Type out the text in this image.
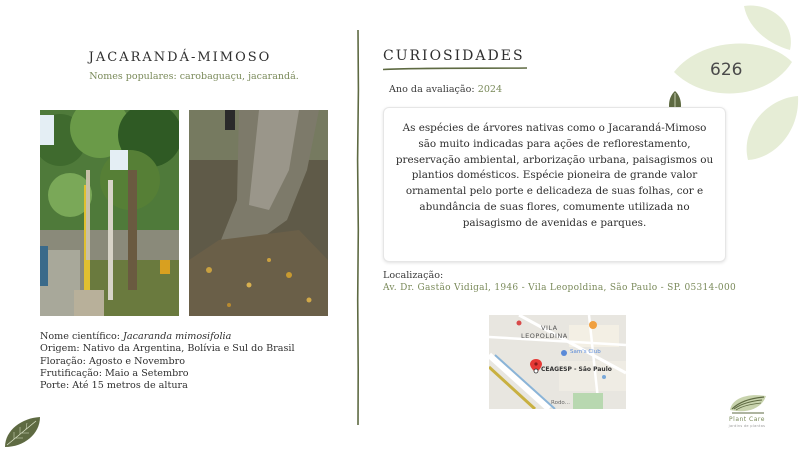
626
JACARANDÁ-MIMOSO
Nomes populares: carobaguaçu, jacarandá.
Nome científico: Jacaranda mimosifolia
Origem: Nativo da Argentina, Bolívia e Sul do Brasil
Floração: Agosto e Novembro
Frutificação: Maio a Setembro
Porte: Até 15 metros de altura
CURIOSIDADES
Ano da avaliação: 2024
As espécies de árvores nativas como o Jacarandá-Mimoso são muito indicadas para ações de reflorestamento, preservação ambiental, arborização urbana, paisagismos ou plantios domésticos. Espécie pioneira de grande valor ornamental pelo porte e delicadeza de suas folhas, cor e abundância de suas flores, comumente utilizada no paisagismo de avenidas e parques.
Localização:
Av. Dr. Gastão Vidigal, 1946 - Vila Leopoldina, São Paulo - SP. 05314-000
VILA
LEOPOLDINA
Sam's Club
CEAGESP - São Paulo
Rodo...
Plant Care
jardins de plantas
